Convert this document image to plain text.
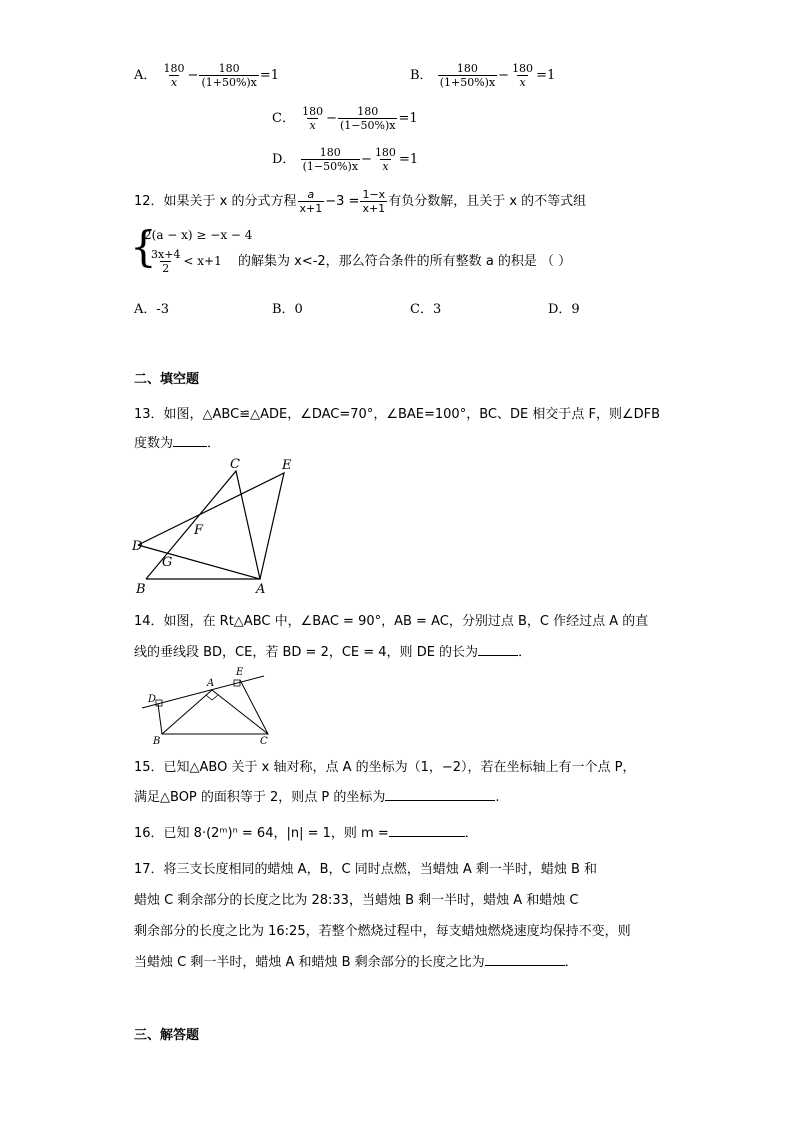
A． $\frac{180}{x} - \frac{180}{(1+50\%)x} =1$	B． $\frac{180}{(1+50\%)x} - \frac{180}{x} =1$
C． $\frac{180}{x} - \frac{180}{(1-50\%)x} =1$
D． $\frac{180}{(1-50\%)x} - \frac{180}{x} =1$
12．如果关于 x 的分式方程 $\frac{a}{x+1} -3 = \frac{1-x}{x+1}$ 有负分数解，且关于 x 的不等式组
{
2(a − x) ≥ −x − 4
$\frac{3x+4}{2} < x+1$ 的解集为 x<-2，那么符合条件的所有整数 a 的积是 （ ）
A．-3	B．0	C．3	D．9
二、填空题
13．如图，△ABC≌△ADE，∠DAC=70°，∠BAE=100°，BC、DE 相交于点 F，则∠DFB
度数为	．
C	E
F
D
G
B	A
14．如图，在 Rt△ABC 中，∠BAC = 90°，AB = AC，分别过点 B，C 作经过点 A 的直
线的垂线段 BD，CE，若 BD = 2，CE = 4，则 DE 的长为	．
D
A
E
B	C
15．已知△ABO 关于 x 轴对称，点 A 的坐标为（1，−2），若在坐标轴上有一个点 P，
满足△BOP 的面积等于 2，则点 P 的坐标为	.
16．已知 8·(2ᵐ)ⁿ = 64，|n| = 1，则 m =	．
17．将三支长度相同的蜡烛 A，B，C 同时点燃，当蜡烛 A 剩一半时，蜡烛 B 和
蜡烛 C 剩余部分的长度之比为 28:33，当蜡烛 B 剩一半时，蜡烛 A 和蜡烛 C
剩余部分的长度之比为 16:25，若整个燃烧过程中，每支蜡烛燃烧速度均保持不变，则
当蜡烛 C 剩一半时，蜡烛 A 和蜡烛 B 剩余部分的长度之比为	．
三、解答题
